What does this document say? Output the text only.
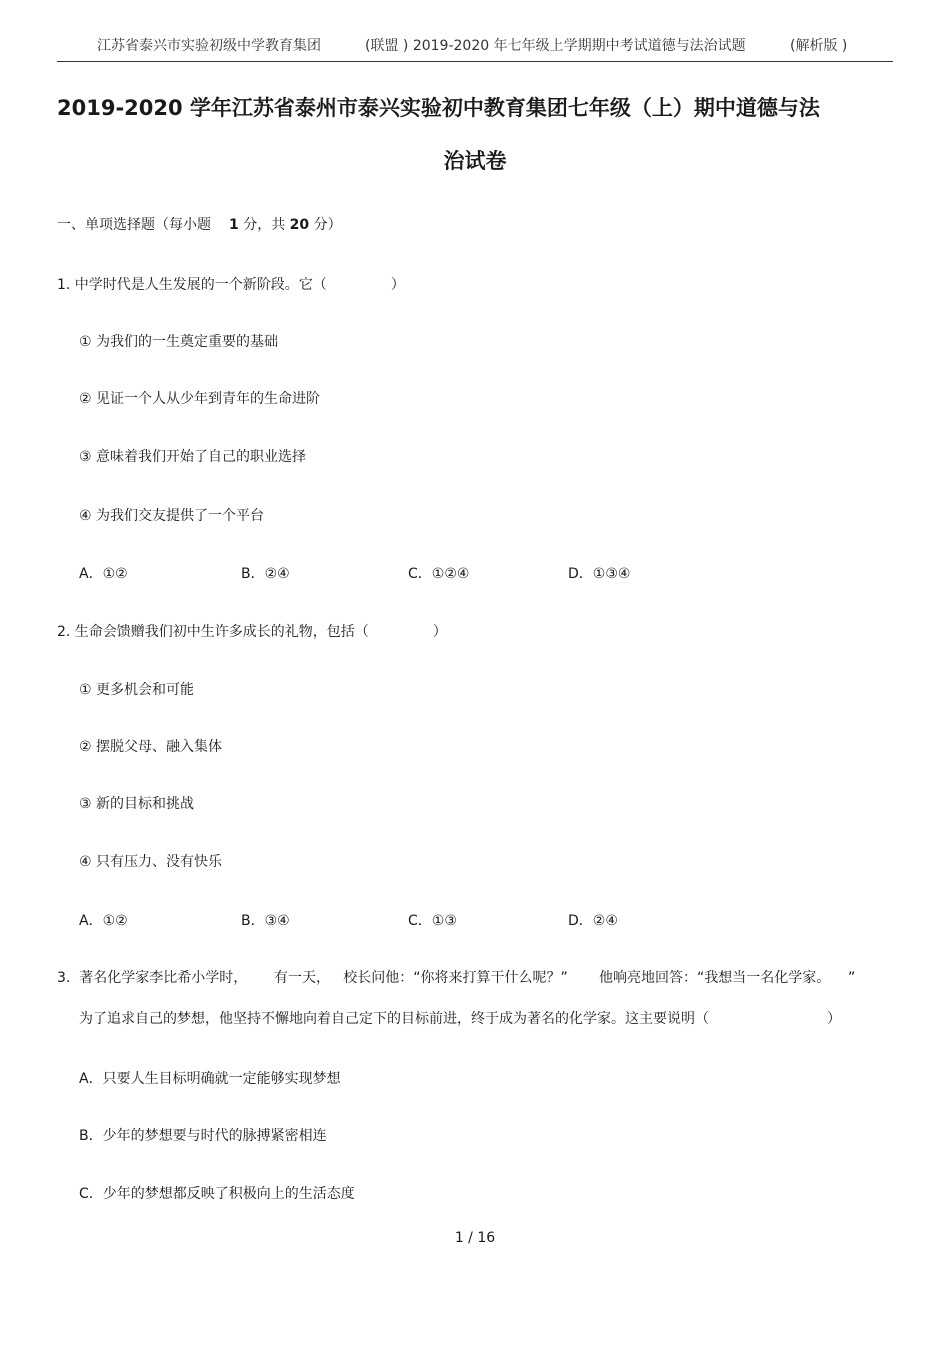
江苏省泰兴市实验初级中学教育集团	(联盟 ) 2019-2020 年七年级上学期期中考试道德与法治试题	(解析版 )
2019-2020 学年江苏省泰州市泰兴实验初中教育集团七年级（上）期中道德与法
治试卷
一、单项选择题（每小题 1 分，共 20 分）
1. 中学时代是人生发展的一个新阶段。它（	）
① 为我们的一生奠定重要的基础
② 见证一个人从少年到青年的生命进阶
③ 意味着我们开始了自己的职业选择
④ 为我们交友提供了一个平台
A．①②	B．②④	C．①②④	D．①③④
2. 生命会馈赠我们初中生许多成长的礼物，包括（	）
① 更多机会和可能
② 摆脱父母、融入集体
③ 新的目标和挑战
④ 只有压力、没有快乐
A．①②	B．③④	C．①③	D．②④
3.  著名化学家李比希小学时，      有一天，   校长问他：“你将来打算干什么呢？”       他响亮地回答：“我想当一名化学家。    ”
为了追求自己的梦想，他坚持不懈地向着自己定下的目标前进，终于成为著名的化学家。这主要说明（	）
A．只要人生目标明确就一定能够实现梦想
B．少年的梦想要与时代的脉搏紧密相连
C．少年的梦想都反映了积极向上的生活态度
1 / 16
